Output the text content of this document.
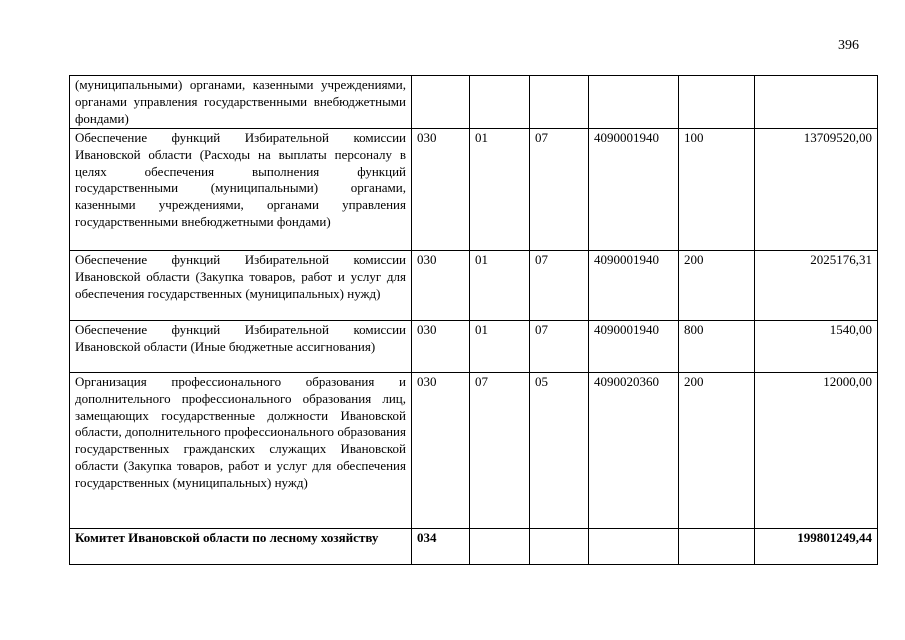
396
(муниципальными) органами, казенными учреждениями, органами управления государственными внебюджетными фондами)						
Обеспечение функций Избирательной комиссии Ивановской области (Расходы на выплаты персоналу в целях обеспечения выполнения функций государственными (муниципальными) органами, казенными учреждениями, органами управления государственными внебюджетными фондами)	030	01	07	4090001940	100	13709520,00
Обеспечение функций Избирательной комиссии Ивановской области (Закупка товаров, работ и услуг для обеспечения государственных (муниципальных) нужд)	030	01	07	4090001940	200	2025176,31
Обеспечение функций Избирательной комиссии Ивановской области (Иные бюджетные ассигнования)	030	01	07	4090001940	800	1540,00
Организация профессионального образования и дополнительного профессионального образования лиц, замещающих государственные должности Ивановской области, дополнительного профессионального образования государственных гражданских служащих Ивановской области (Закупка товаров, работ и услуг для обеспечения государственных (муниципальных) нужд)	030	07	05	4090020360	200	12000,00
Комитет Ивановской области по лесному хозяйству	034					199801249,44
